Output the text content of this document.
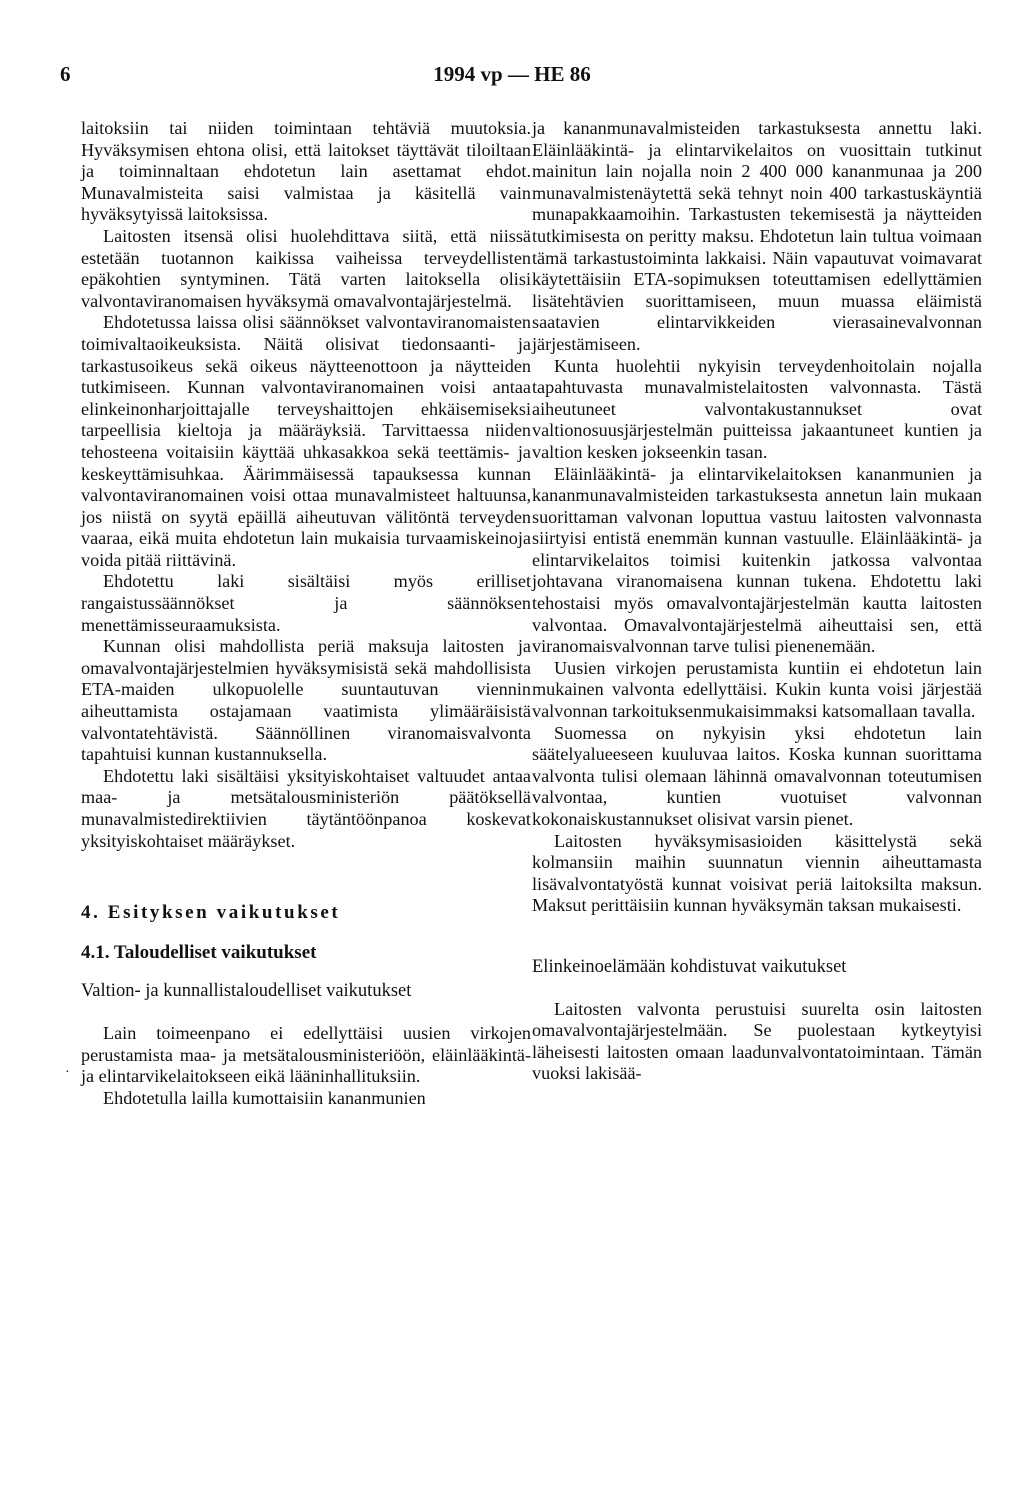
6	1994 vp — HE 86

laitoksiin tai niiden toimintaan tehtäviä muutoksia. Hyväksymisen ehtona olisi, että laitokset täyttävät tiloiltaan ja toiminnaltaan ehdotetun lain asettamat ehdot. Munavalmisteita saisi valmistaa ja käsitellä vain hyväksytyissä laitoksissa.

Laitosten itsensä olisi huolehdittava siitä, että niissä estetään tuotannon kaikissa vaiheissa terveydellisten epäkohtien syntyminen. Tätä varten laitoksella olisi valvontaviranomaisen hyväksymä omavalvontajärjestelmä.

Ehdotetussa laissa olisi säännökset valvontaviranomaisten toimivaltaoikeuksista. Näitä olisivat tiedonsaanti- ja tarkastusoikeus sekä oikeus näytteenottoon ja näytteiden tutkimiseen. Kunnan valvontaviranomainen voisi antaa elinkeinonharjoittajalle terveyshaittojen ehkäisemiseksi tarpeellisia kieltoja ja määräyksiä. Tarvittaessa niiden tehosteena voitaisiin käyttää uhkasakkoa sekä teettämis- ja keskeyttämisuhkaa. Äärimmäisessä tapauksessa kunnan valvontaviranomainen voisi ottaa munavalmisteet haltuunsa, jos niistä on syytä epäillä aiheutuvan välitöntä terveyden vaaraa, eikä muita ehdotetun lain mukaisia turvaamiskeinoja voida pitää riittävinä.

Ehdotettu laki sisältäisi myös erilliset rangaistussäännökset ja säännöksen menettämisseuraamuksista.

Kunnan olisi mahdollista periä maksuja laitosten ja omavalvontajärjestelmien hyväksymisistä sekä mahdollisista ETA-maiden ulkopuolelle suuntautuvan viennin aiheuttamista ostajamaan vaatimista ylimääräisistä valvontatehtävistä. Säännöllinen viranomaisvalvonta tapahtuisi kunnan kustannuksella.

Ehdotettu laki sisältäisi yksityiskohtaiset valtuudet antaa maa- ja metsätalousministeriön päätöksellä munavalmistedirektiivien täytäntöönpanoa koskevat yksityiskohtaiset määräykset.

4. Esityksen vaikutukset
4.1. Taloudelliset vaikutukset
Valtion- ja kunnallistaloudelliset vaikutukset

Lain toimeenpano ei edellyttäisi uusien virkojen perustamista maa- ja metsätalousministeriöön, eläinlääkintä- ja elintarvikelaitokseen eikä lääninhallituksiin.

Ehdotetulla lailla kumottaisiin kananmunien

ja kananmunavalmisteiden tarkastuksesta annettu laki. Eläinlääkintä- ja elintarvikelaitos on vuosittain tutkinut mainitun lain nojalla noin 2 400 000 kananmunaa ja 200 munavalmistenäytettä sekä tehnyt noin 400 tarkastuskäyntiä munapakkaamoihin. Tarkastusten tekemisestä ja näytteiden tutkimisesta on peritty maksu. Ehdotetun lain tultua voimaan tämä tarkastustoiminta lakkaisi. Näin vapautuvat voimavarat käytettäisiin ETA-sopimuksen toteuttamisen edellyttämien lisätehtävien suorittamiseen, muun muassa eläimistä saatavien elintarvikkeiden vierasainevalvonnan järjestämiseen.

Kunta huolehtii nykyisin terveydenhoitolain nojalla tapahtuvasta munavalmistelaitosten valvonnasta. Tästä aiheutuneet valvontakustannukset ovat valtionosuusjärjestelmän puitteissa jakaantuneet kuntien ja valtion kesken jokseenkin tasan.

Eläinlääkintä- ja elintarvikelaitoksen kananmunien ja kananmunavalmisteiden tarkastuksesta annetun lain mukaan suorittaman valvonan loputtua vastuu laitosten valvonnasta siirtyisi entistä enemmän kunnan vastuulle. Eläinlääkintä- ja elintarvikelaitos toimisi kuitenkin jatkossa valvontaa johtavana viranomaisena kunnan tukena. Ehdotettu laki tehostaisi myös omavalvontajärjestelmän kautta laitosten valvontaa. Omavalvontajärjestelmä aiheuttaisi sen, että viranomaisvalvonnan tarve tulisi pienenemään.

Uusien virkojen perustamista kuntiin ei ehdotetun lain mukainen valvonta edellyttäisi. Kukin kunta voisi järjestää valvonnan tarkoituksenmukaisimmaksi katsomallaan tavalla.

Suomessa on nykyisin yksi ehdotetun lain säätelyalueeseen kuuluvaa laitos. Koska kunnan suorittama valvonta tulisi olemaan lähinnä omavalvonnan toteutumisen valvontaa, kuntien vuotuiset valvonnan kokonaiskustannukset olisivat varsin pienet.

Laitosten hyväksymisasioiden käsittelystä sekä kolmansiin maihin suunnatun viennin aiheuttamasta lisävalvontatyöstä kunnat voisivat periä laitoksilta maksun. Maksut perittäisiin kunnan hyväksymän taksan mukaisesti.

Elinkeinoelämään kohdistuvat vaikutukset

Laitosten valvonta perustuisi suurelta osin laitosten omavalvontajärjestelmään. Se puolestaan kytkeytyisi läheisesti laitosten omaan laadunvalvontatoimintaan. Tämän vuoksi lakisää-

·
